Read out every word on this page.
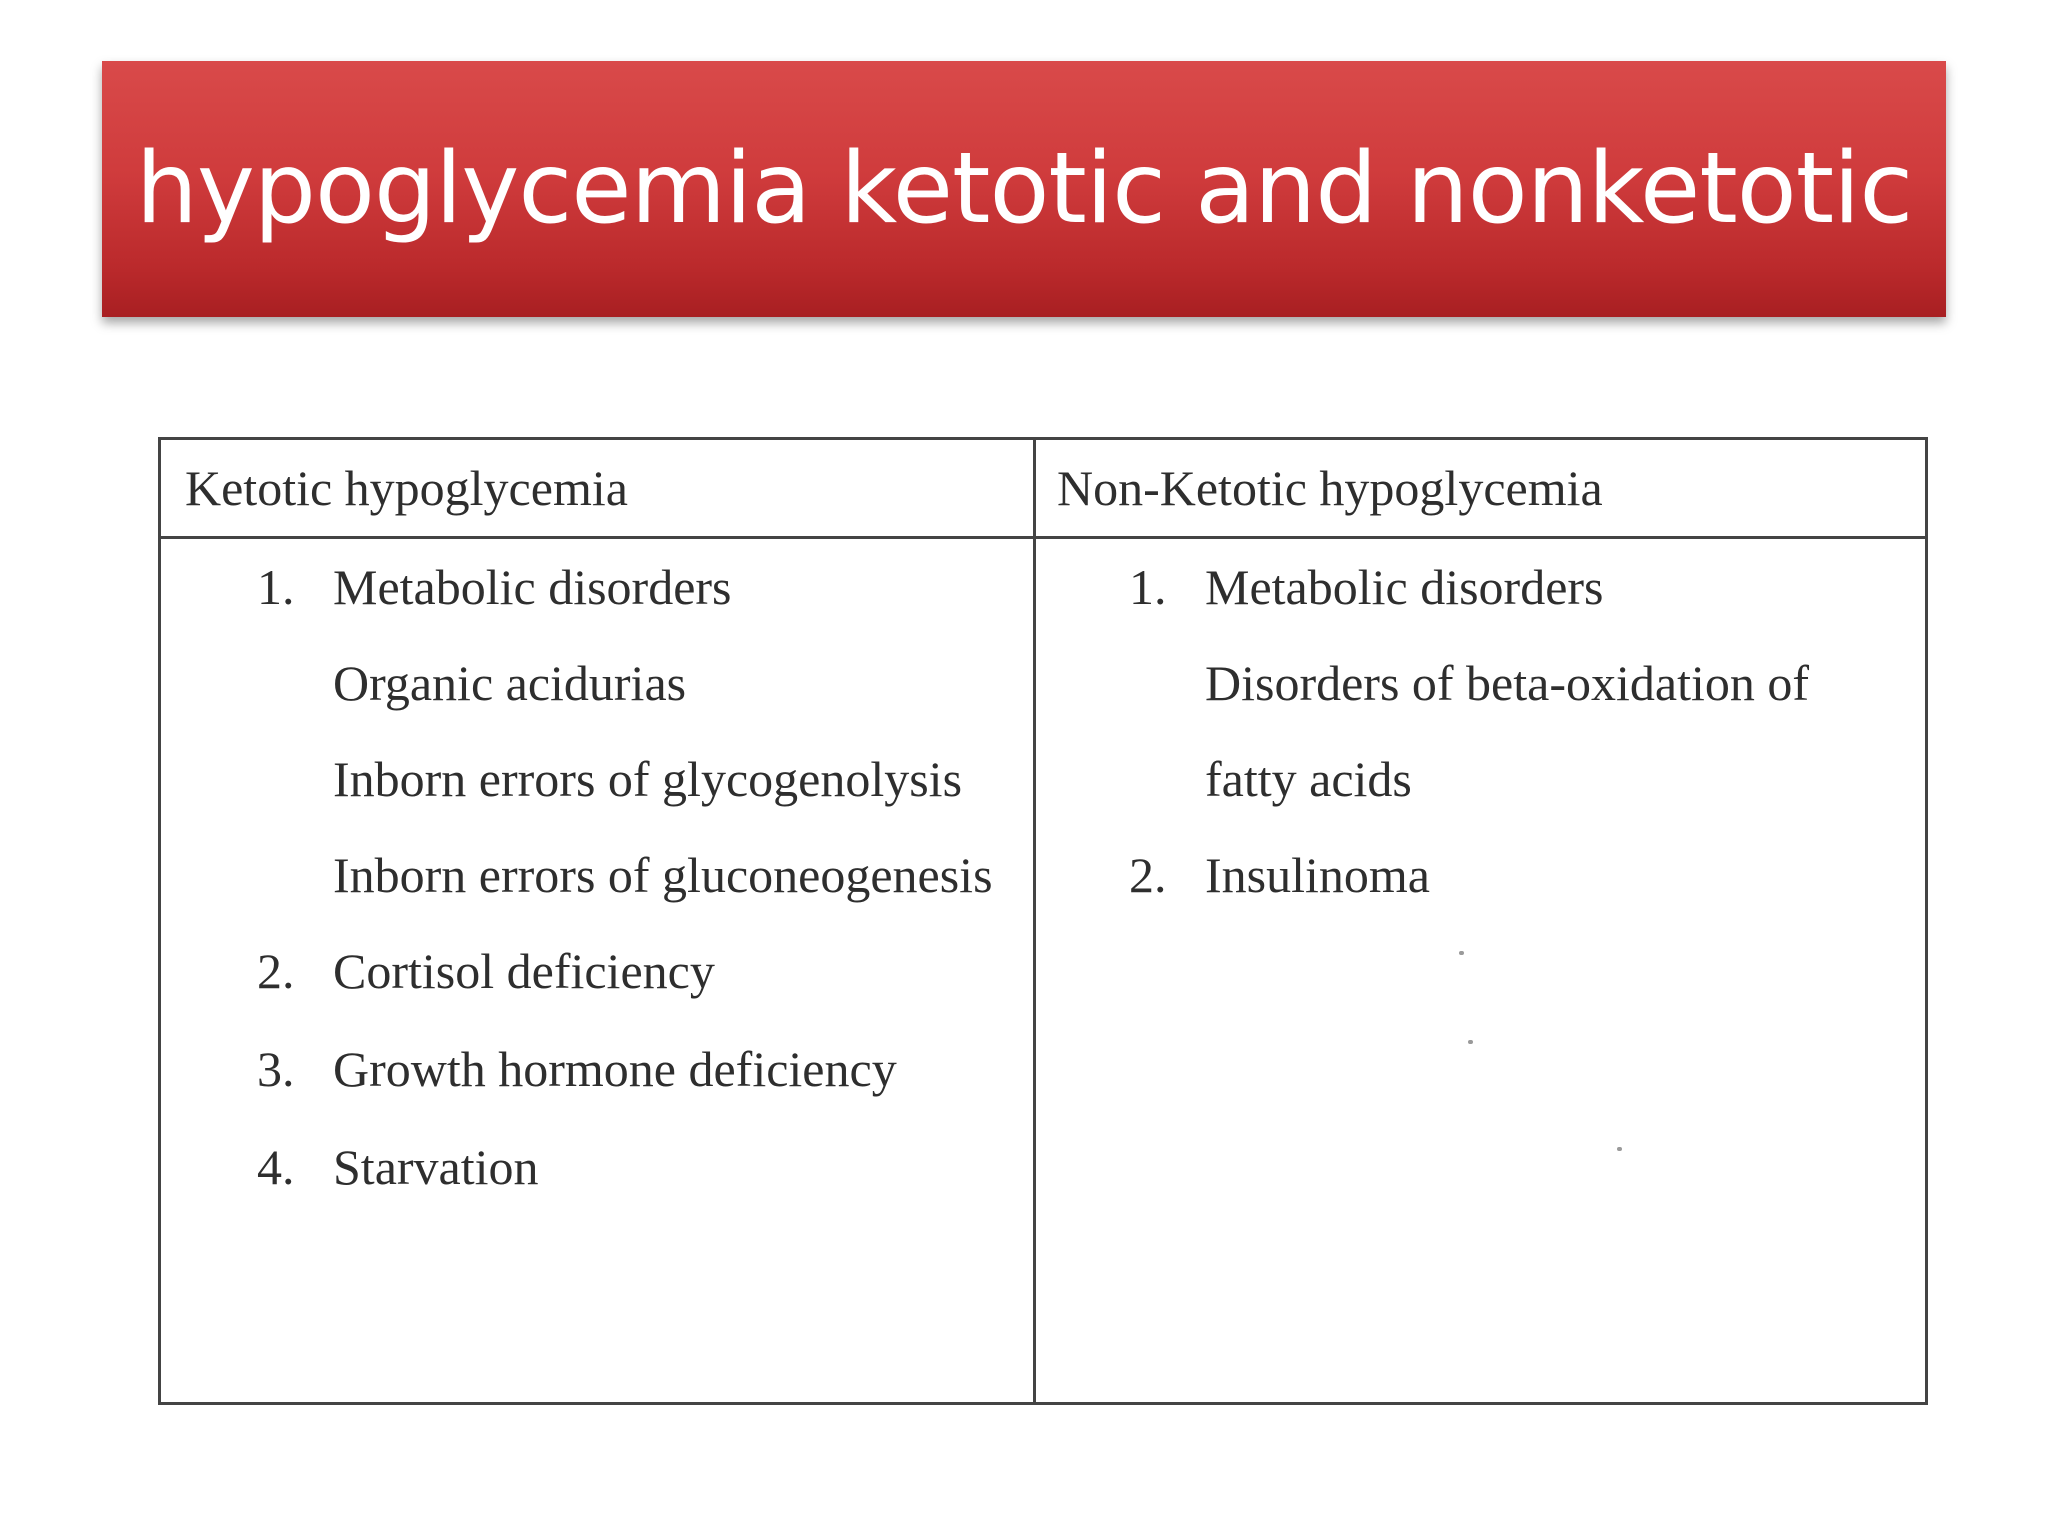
hypoglycemia ketotic and nonketotic
Ketotic hypoglycemia	Non-Ketotic hypoglycemia
1. Metabolic disorders
Organic acidurias
Inborn errors of glycogenolysis
Inborn errors of gluconeogenesis
2. Cortisol deficiency
3. Growth hormone deficiency
4. Starvation
1. Metabolic disorders
Disorders of beta-oxidation of
fatty acids
2. Insulinoma
